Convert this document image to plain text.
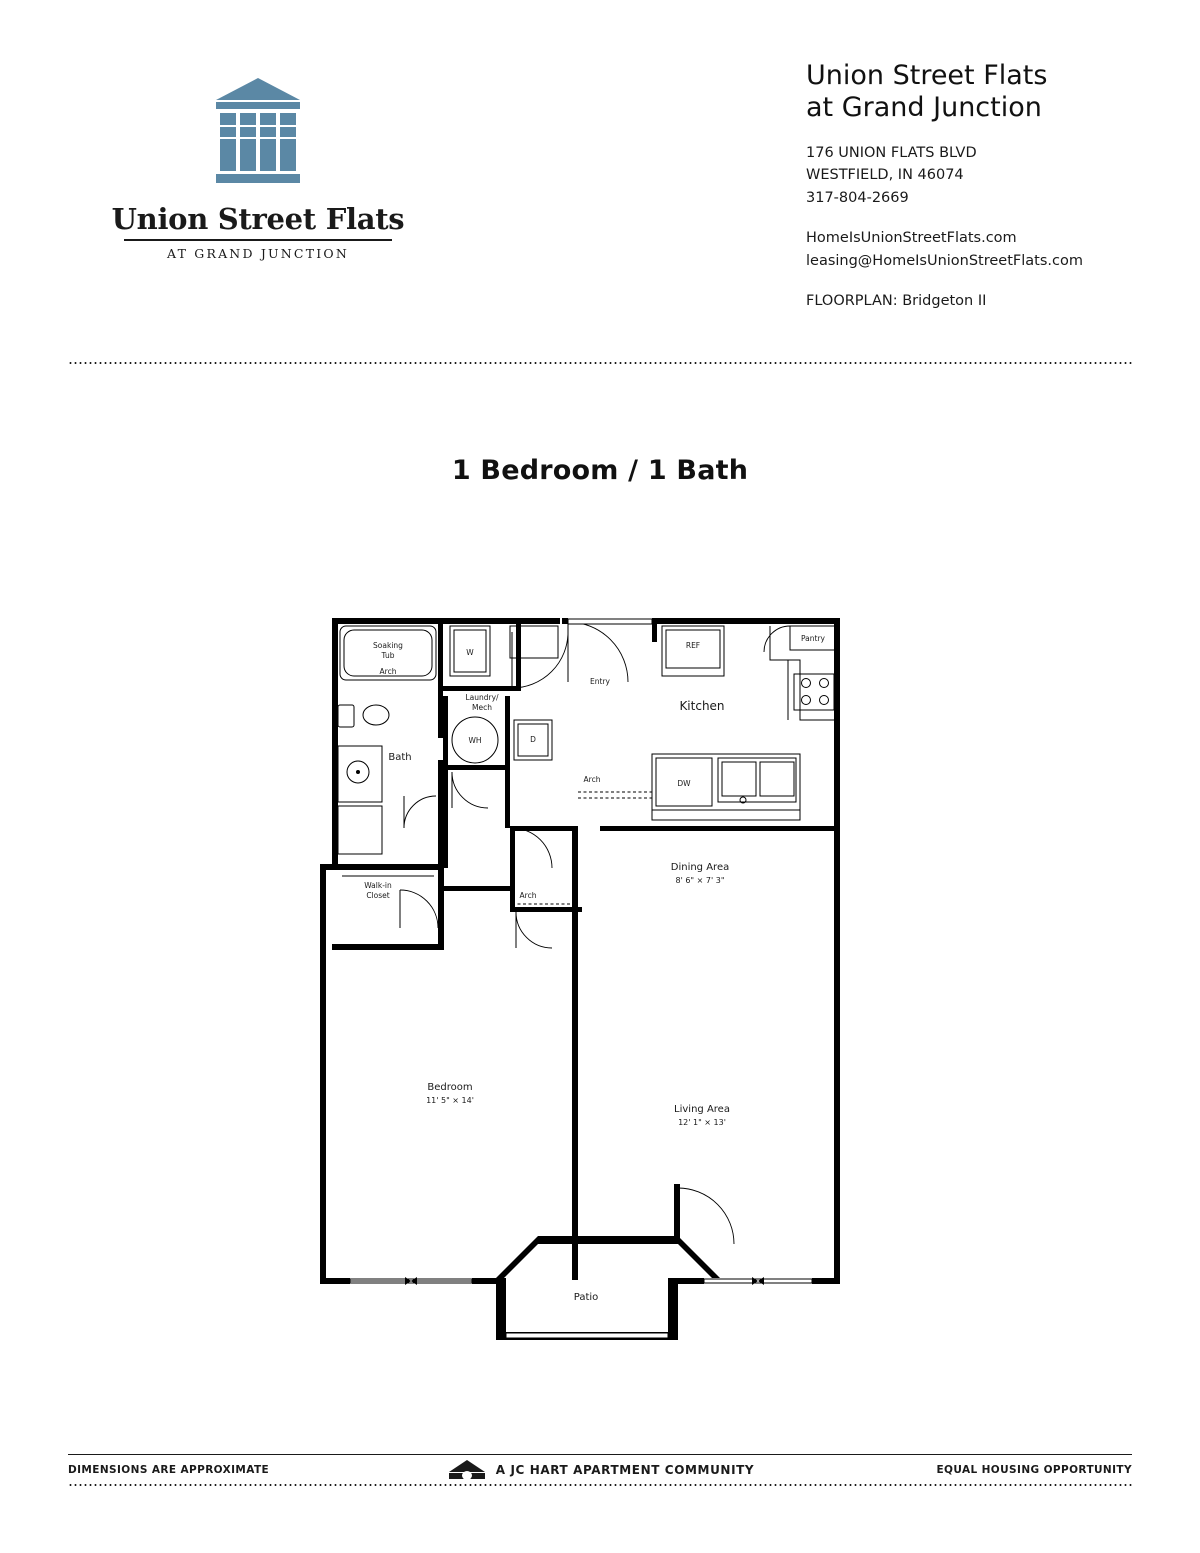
Union Street Flats
AT GRAND JUNCTION
Union Street Flats
at Grand Junction
176 UNION FLATS BLVD
WESTFIELD, IN 46074
317-804-2669
HomeIsUnionStreetFlats.com
leasing@HomeIsUnionStreetFlats.com
FLOORPLAN: Bridgeton II
1 Bedroom / 1 Bath
Soaking
Tub
Arch
Bath
W
Laundry/
Mech
WH	D
Entry
Kitchen
REF
Pantry
DW
Arch
Dining Area
8' 6" × 7' 3"
Arch
Walk-in
Closet
Bedroom
11' 5" × 14'
Living Area
12' 1" × 13'
Patio
DIMENSIONS ARE APPROXIMATE	A JC HART APARTMENT COMMUNITY	EQUAL HOUSING OPPORTUNITY
